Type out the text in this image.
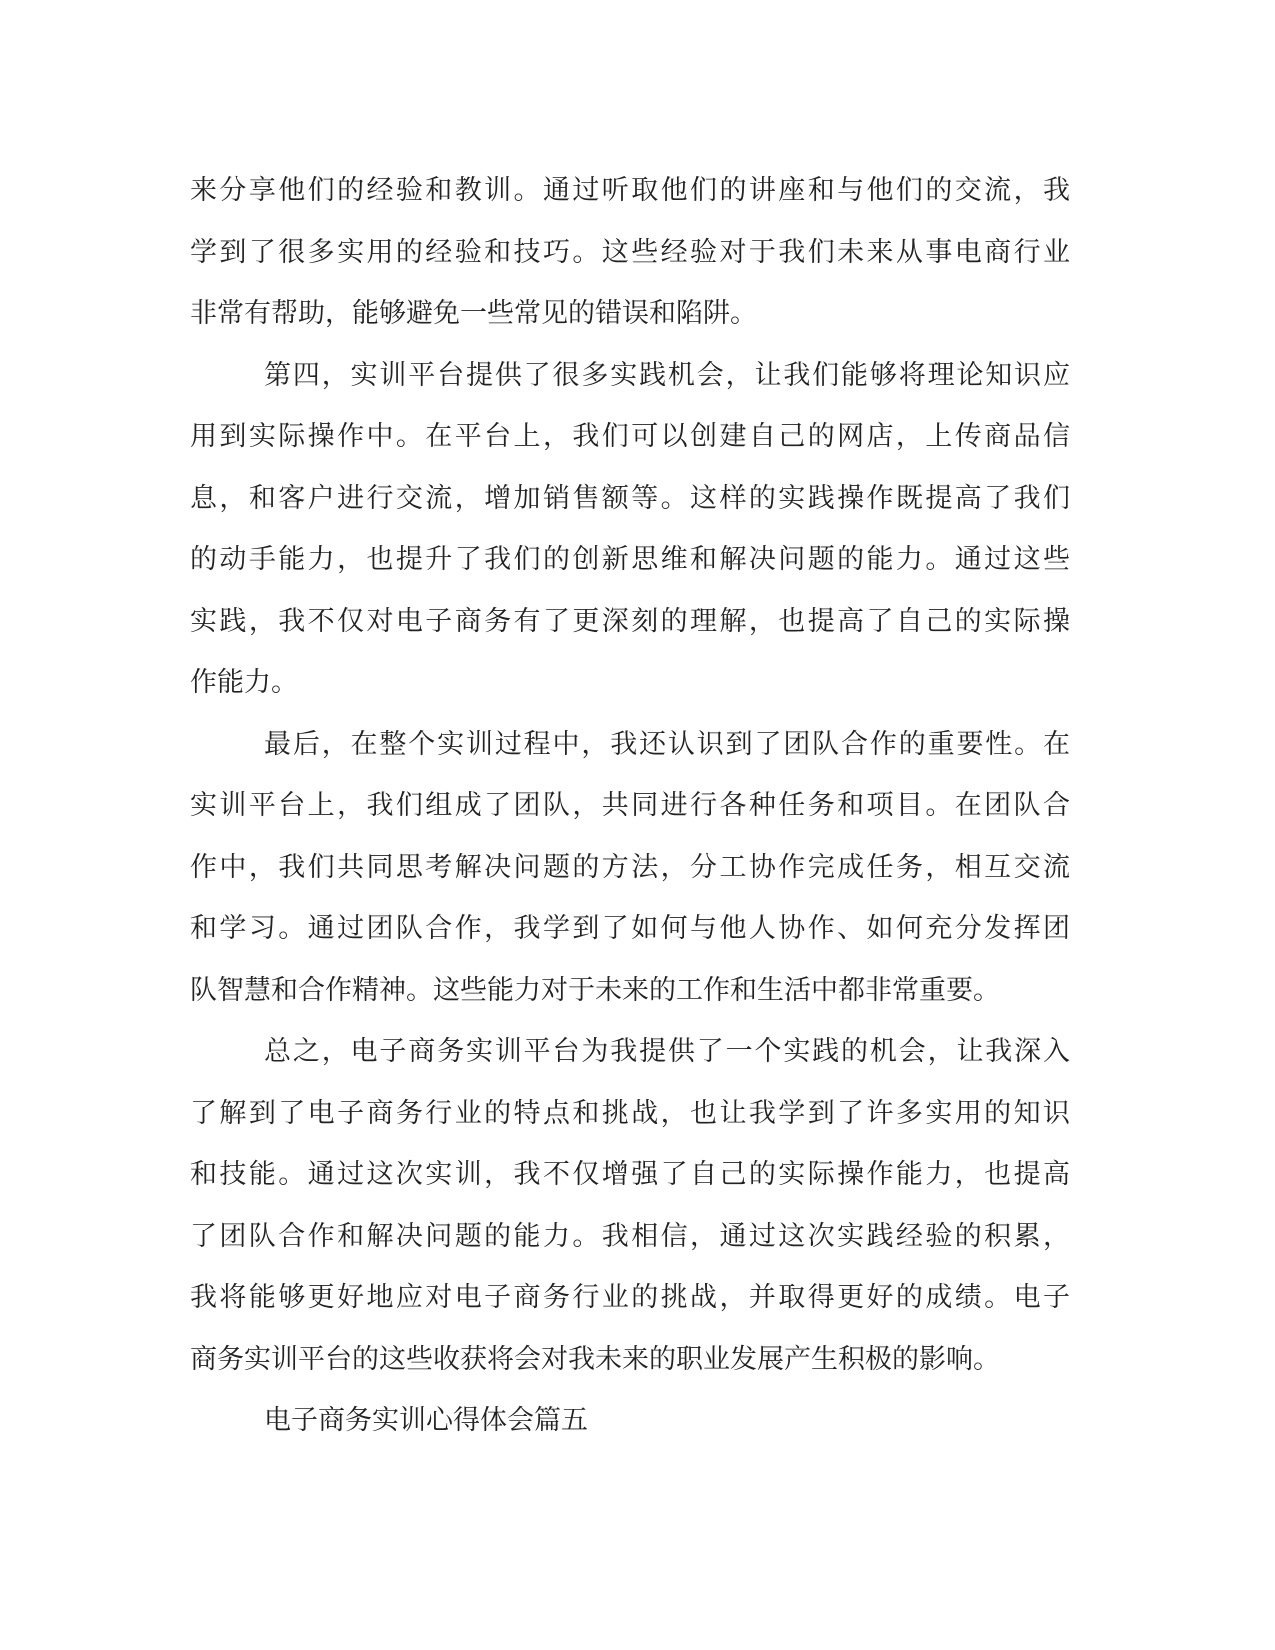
来分享他们的经验和教训。通过听取他们的讲座和与他们的交流，我
学到了很多实用的经验和技巧。这些经验对于我们未来从事电商行业
非常有帮助，能够避免一些常见的错误和陷阱。
第四，实训平台提供了很多实践机会，让我们能够将理论知识应
用到实际操作中。在平台上，我们可以创建自己的网店，上传商品信
息，和客户进行交流，增加销售额等。这样的实践操作既提高了我们
的动手能力，也提升了我们的创新思维和解决问题的能力。通过这些
实践，我不仅对电子商务有了更深刻的理解，也提高了自己的实际操
作能力。
最后，在整个实训过程中，我还认识到了团队合作的重要性。在
实训平台上，我们组成了团队，共同进行各种任务和项目。在团队合
作中，我们共同思考解决问题的方法，分工协作完成任务，相互交流
和学习。通过团队合作，我学到了如何与他人协作、如何充分发挥团
队智慧和合作精神。这些能力对于未来的工作和生活中都非常重要。
总之，电子商务实训平台为我提供了一个实践的机会，让我深入
了解到了电子商务行业的特点和挑战，也让我学到了许多实用的知识
和技能。通过这次实训，我不仅增强了自己的实际操作能力，也提高
了团队合作和解决问题的能力。我相信，通过这次实践经验的积累，
我将能够更好地应对电子商务行业的挑战，并取得更好的成绩。电子
商务实训平台的这些收获将会对我未来的职业发展产生积极的影响。
电子商务实训心得体会篇五
